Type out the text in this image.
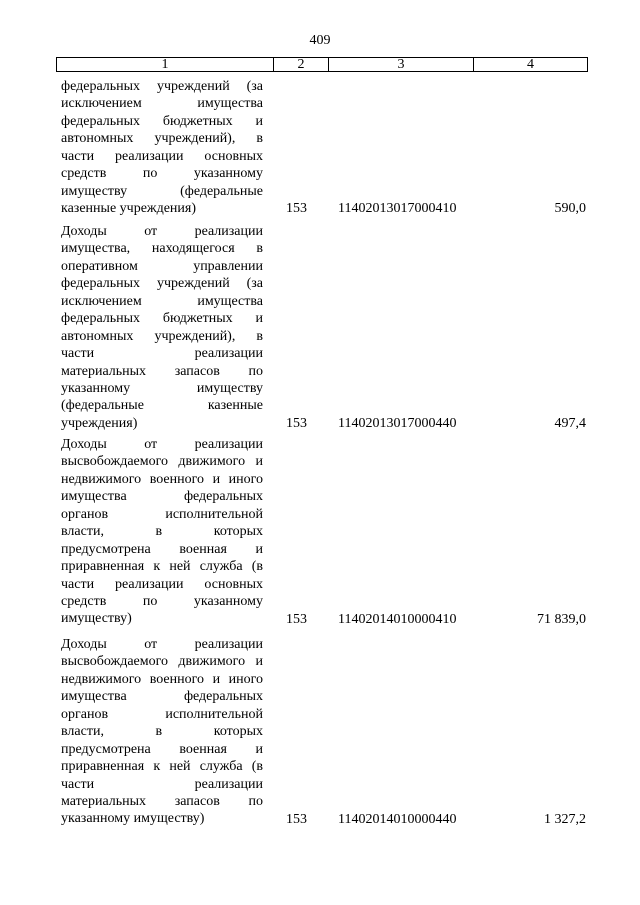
409
1	2	3	4
федеральных учреждений (за
исключением имущества
федеральных бюджетных и
автономных учреждений), в
части реализации основных
средств по указанному
имуществу (федеральные
казенные учреждения)	153 11402013017000410	590,0
Доходы от реализации
имущества, находящегося в
оперативном управлении
федеральных учреждений (за
исключением имущества
федеральных бюджетных и
автономных учреждений), в
части реализации
материальных запасов по
указанному имуществу
(федеральные казенные
учреждения)	153 11402013017000440	497,4
Доходы от реализации
высвобождаемого движимого и
недвижимого военного и иного
имущества федеральных
органов исполнительной
власти, в которых
предусмотрена военная и
приравненная к ней служба (в
части реализации основных
средств по указанному
имуществу)	153 11402014010000410	71 839,0
Доходы от реализации
высвобождаемого движимого и
недвижимого военного и иного
имущества федеральных
органов исполнительной
власти, в которых
предусмотрена военная и
приравненная к ней служба (в
части реализации
материальных запасов по
указанному имуществу)	153 11402014010000440	1 327,2
